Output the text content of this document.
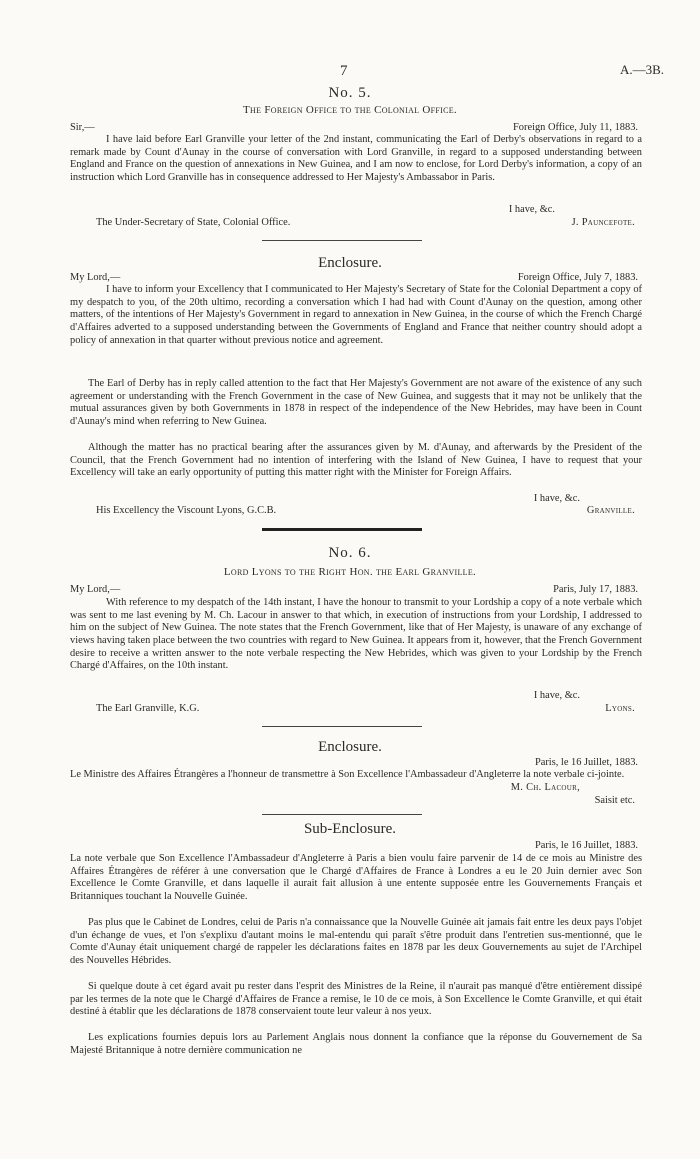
7	A.—3B.
No. 5.
The Foreign Office to the Colonial Office.
Sir,—	Foreign Office, July 11, 1883.
I have laid before Earl Granville your letter of the 2nd instant, communicating the Earl of Derby's observations in regard to a remark made by Count d'Aunay in the course of conversation with Lord Granville, in regard to a supposed understanding between England and France on the question of annexations in New Guinea, and I am now to enclose, for Lord Derby's information, a copy of an instruction which Lord Granville has in consequence addressed to Her Majesty's Ambassabor in Paris.
I have, &c.
The Under-Secretary of State, Colonial Office.	J. Pauncefote.
Enclosure.
My Lord,—	Foreign Office, July 7, 1883.
I have to inform your Excellency that I communicated to Her Majesty's Secretary of State for the Colonial Department a copy of my despatch to you, of the 20th ultimo, recording a conversation which I had had with Count d'Aunay on the question, among other matters, of the intentions of Her Majesty's Government in regard to annexation in New Guinea, in the course of which the French Chargé d'Affaires adverted to a supposed understanding between the Governments of England and France that neither country should adopt a policy of annexation in that quarter without previous notice and agreement.
The Earl of Derby has in reply called attention to the fact that Her Majesty's Government are not aware of the existence of any such agreement or understanding with the French Government in the case of New Guinea, and suggests that it may not be unlikely that the mutual assurances given by both Governments in 1878 in respect of the independence of the New Hebrides, may have been in Count d'Aunay's mind when referring to New Guinea.
Although the matter has no practical bearing after the assurances given by M. d'Aunay, and afterwards by the President of the Council, that the French Government had no intention of interfering with the Island of New Guinea, I have to request that your Excellency will take an early opportunity of putting this matter right with the Minister for Foreign Affairs.
I have, &c.
His Excellency the Viscount Lyons, G.C.B.	Granville.
No. 6.
Lord Lyons to the Right Hon. the Earl Granville.
My Lord,—	Paris, July 17, 1883.
With reference to my despatch of the 14th instant, I have the honour to transmit to your Lordship a copy of a note verbale which was sent to me last evening by M. Ch. Lacour in answer to that which, in execution of instructions from your Lordship, I addressed to him on the subject of New Guinea. The note states that the French Government, like that of Her Majesty, is unaware of any exchange of views having taken place between the two countries with regard to New Guinea. It appears from it, however, that the French Government desire to receive a written answer to the note verbale respecting the New Hebrides, which was given to your Lordship by the French Chargé d'Affaires, on the 10th instant.
I have, &c.
The Earl Granville, K.G.	Lyons.
Enclosure.
Paris, le 16 Juillet, 1883.
Le Ministre des Affaires Étrangères a l'honneur de transmettre à Son Excellence l'Ambassadeur d'Angleterre la note verbale ci-jointe.
M. Ch. Lacour,
Saisit etc.
Sub-Enclosure.
Paris, le 16 Juillet, 1883.
La note verbale que Son Excellence l'Ambassadeur d'Angleterre à Paris a bien voulu faire parvenir de 14 de ce mois au Ministre des Affaires Étrangères de référer à une conversation que le Chargé d'Affaires de France à Londres a eu le 20 Juin dernier avec Son Excellence le Comte Granville, et dans laquelle il aurait fait allusion à une entente supposée entre les Gouvernements Français et Britanniques touchant la Nouvelle Guinée.
Pas plus que le Cabinet de Londres, celui de Paris n'a connaissance que la Nouvelle Guinée ait jamais fait entre les deux pays l'objet d'un échange de vues, et l'on s'explixu d'autant moins le mal-entendu qui paraît s'être produit dans l'entretien sus-mentionné, que le Comte d'Aunay était uniquement chargé de rappeler les déclarations faites en 1878 par les deux Gouvernements au sujet de l'Archipel des Nouvelles Hébrides.
Si quelque doute à cet égard avait pu rester dans l'esprit des Ministres de la Reine, il n'aurait pas manqué d'être entièrement dissipé par les termes de la note que le Chargé d'Affaires de France a remise, le 10 de ce mois, à Son Excellence le Comte Granville, et qui était destiné à établir que les déclarations de 1878 conservaient toute leur valeur à nos yeux.
Les explications fournies depuis lors au Parlement Anglais nous donnent la confiance que la réponse du Gouvernement de Sa Majesté Britannique à notre dernière communication ne
